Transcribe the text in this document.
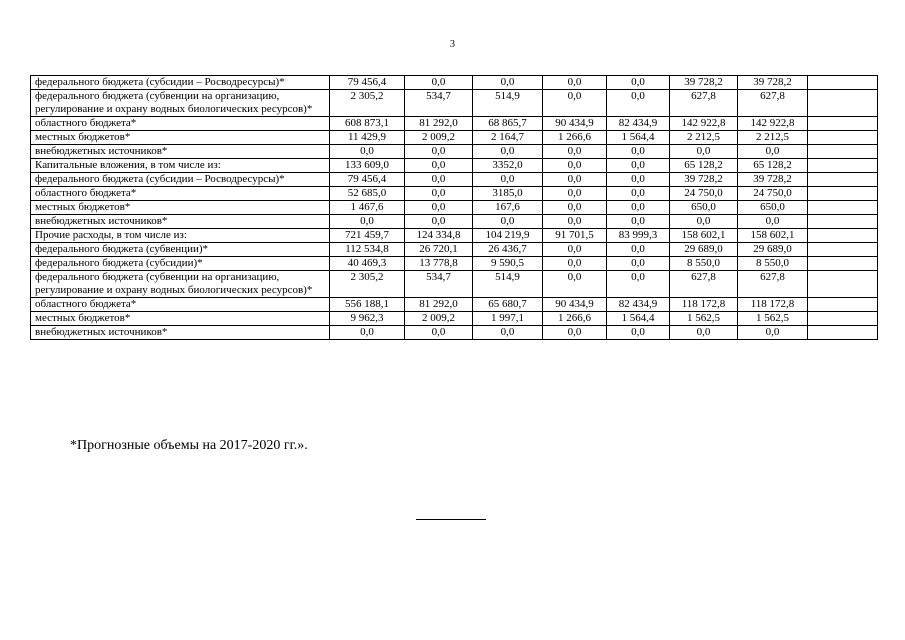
3
федерального бюджета (субсидии – Росводресурсы)*	79 456,4	0,0	0,0	0,0	0,0	39 728,2	39 728,2	
федерального бюджета (субвенции на организацию, регулирование и охрану водных биологических ресурсов)*	2 305,2	534,7	514,9	0,0	0,0	627,8	627,8	
областного бюджета*	608 873,1	81 292,0	68 865,7	90 434,9	82 434,9	142 922,8	142 922,8	
местных бюджетов*	11 429,9	2 009,2	2 164,7	1 266,6	1 564,4	2 212,5	2 212,5	
внебюджетных источников*	0,0	0,0	0,0	0,0	0,0	0,0	0,0	
Капитальные вложения, в том числе из:	133 609,0	0,0	3352,0	0,0	0,0	65 128,2	65 128,2	
федерального бюджета (субсидии – Росводресурсы)*	79 456,4	0,0	0,0	0,0	0,0	39 728,2	39 728,2	
областного бюджета*	52 685,0	0,0	3185,0	0,0	0,0	24 750,0	24 750,0	
местных бюджетов*	1 467,6	0,0	167,6	0,0	0,0	650,0	650,0	
внебюджетных источников*	0,0	0,0	0,0	0,0	0,0	0,0	0,0	
Прочие расходы, в том числе из:	721 459,7	124 334,8	104 219,9	91 701,5	83 999,3	158 602,1	158 602,1	
федерального бюджета (субвенции)*	112 534,8	26 720,1	26 436,7	0,0	0,0	29 689,0	29 689,0	
федерального бюджета (субсидии)*	40 469,3	13 778,8	9 590,5	0,0	0,0	8 550,0	8 550,0	
федерального бюджета (субвенции на организацию, регулирование и охрану водных биологических ресурсов)*	2 305,2	534,7	514,9	0,0	0,0	627,8	627,8	
областного бюджета*	556 188,1	81 292,0	65 680,7	90 434,9	82 434,9	118 172,8	118 172,8	
местных бюджетов*	9 962,3	2 009,2	1 997,1	1 266,6	1 564,4	1 562,5	1 562,5	
внебюджетных источников*	0,0	0,0	0,0	0,0	0,0	0,0	0,0	
*Прогнозные объемы на 2017-2020 гг.».
